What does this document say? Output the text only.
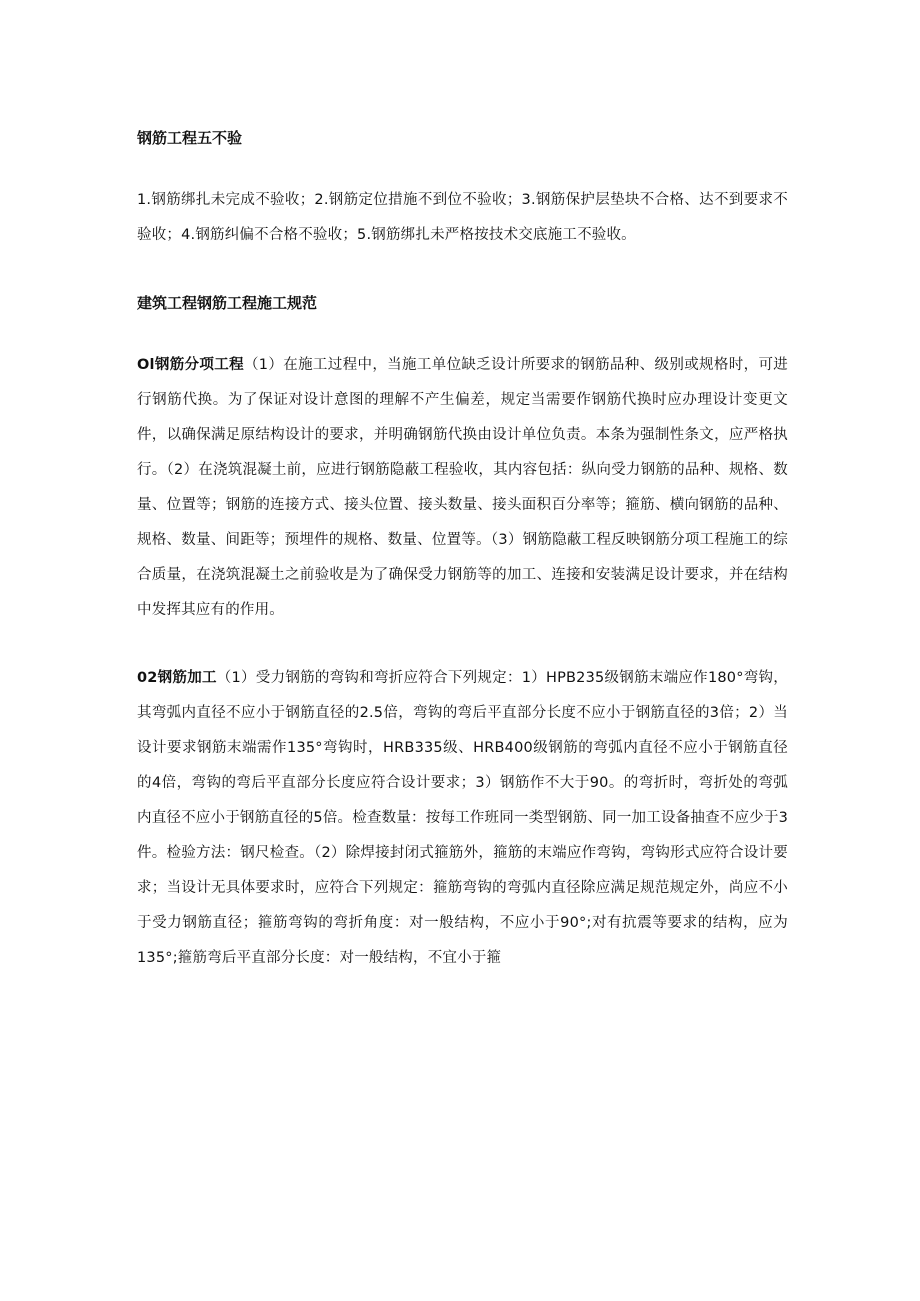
钢筋工程五不验

1.钢筋绑扎未完成不验收；2.钢筋定位措施不到位不验收；3.钢筋保护层垫块不合格、达不到要求不验收；4.钢筋纠偏不合格不验收；5.钢筋绑扎未严格按技术交底施工不验收。

建筑工程钢筋工程施工规范

Ol钢筋分项工程（1）在施工过程中，当施工单位缺乏设计所要求的钢筋品种、级别或规格时，可进行钢筋代换。为了保证对设计意图的理解不产生偏差，规定当需要作钢筋代换时应办理设计变更文件，以确保满足原结构设计的要求，并明确钢筋代换由设计单位负责。本条为强制性条文，应严格执行。（2）在浇筑混凝土前，应进行钢筋隐蔽工程验收，其内容包括：纵向受力钢筋的品种、规格、数量、位置等；钢筋的连接方式、接头位置、接头数量、接头面积百分率等；箍筋、横向钢筋的品种、规格、数量、间距等；预埋件的规格、数量、位置等。（3）钢筋隐蔽工程反映钢筋分项工程施工的综合质量，在浇筑混凝土之前验收是为了确保受力钢筋等的加工、连接和安装满足设计要求，并在结构中发挥其应有的作用。

02钢筋加工（1）受力钢筋的弯钩和弯折应符合下列规定：1）HPB235级钢筋末端应作180°弯钩，其弯弧内直径不应小于钢筋直径的2.5倍，弯钩的弯后平直部分长度不应小于钢筋直径的3倍；2）当设计要求钢筋末端需作135°弯钩时，HRB335级、HRB400级钢筋的弯弧内直径不应小于钢筋直径的4倍，弯钩的弯后平直部分长度应符合设计要求；3）钢筋作不大于90。的弯折时，弯折处的弯弧内直径不应小于钢筋直径的5倍。检查数量：按每工作班同一类型钢筋、同一加工设备抽查不应少于3件。检验方法：钢尺检查。（2）除焊接封闭式箍筋外，箍筋的末端应作弯钩，弯钩形式应符合设计要求；当设计无具体要求时，应符合下列规定：箍筋弯钩的弯弧内直径除应满足规范规定外，尚应不小于受力钢筋直径；箍筋弯钩的弯折角度：对一般结构，不应小于90°;对有抗震等要求的结构，应为135°;箍筋弯后平直部分长度：对一般结构，不宜小于箍
